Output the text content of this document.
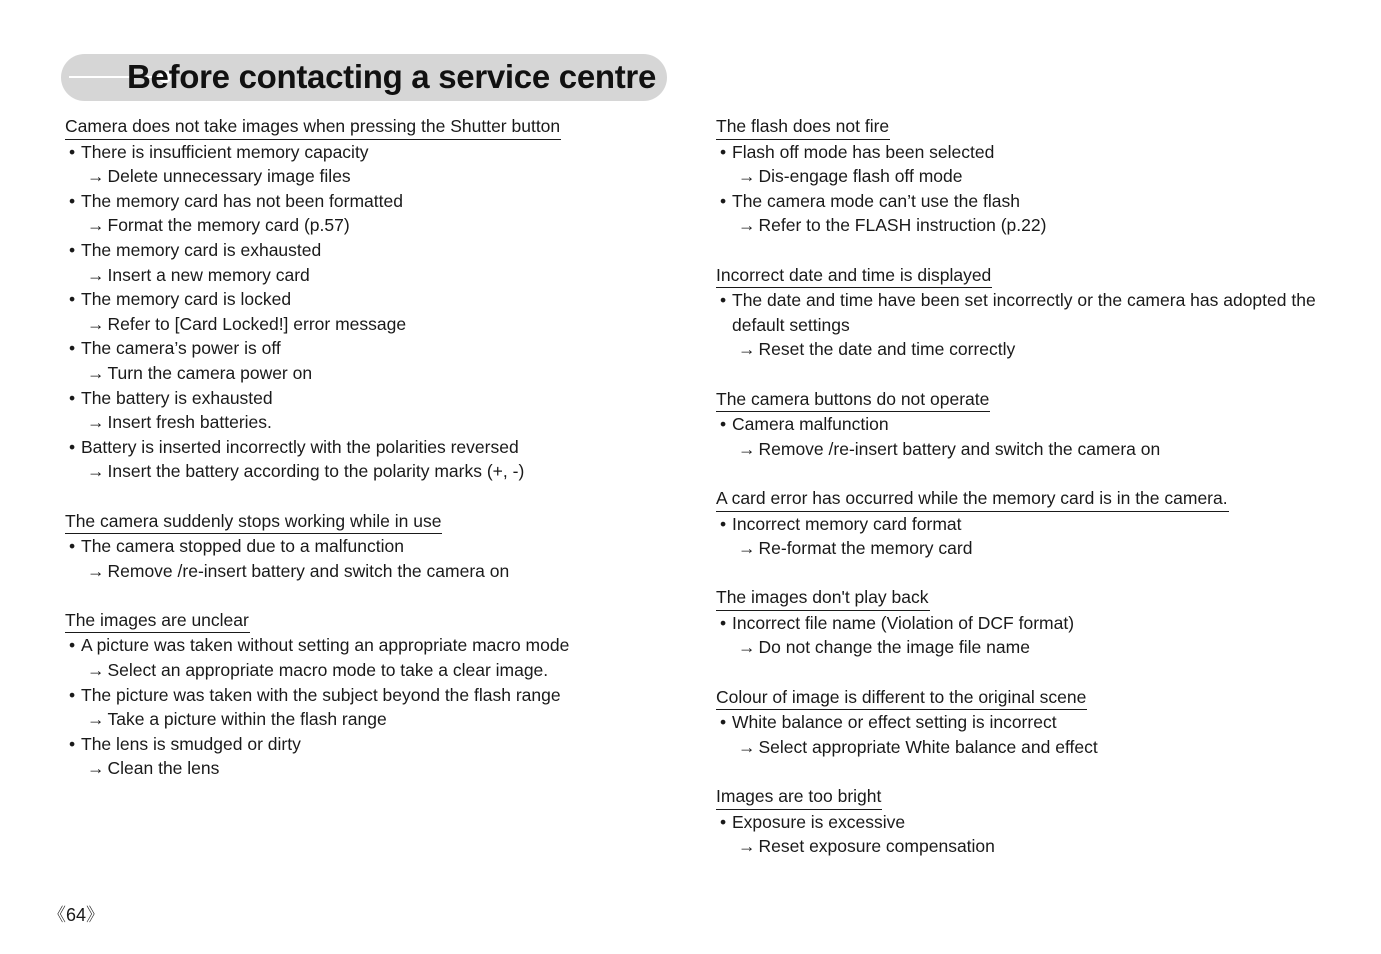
Before contacting a service centre
Camera does not take images when pressing the Shutter button
• There is insufficient memory capacity
→ Delete unnecessary image files
• The memory card has not been formatted
→ Format the memory card (p.57)
• The memory card is exhausted
→ Insert a new memory card
• The memory card is locked
→ Refer to [Card Locked!] error message
• The camera’s power is off
→ Turn the camera power on
• The battery is exhausted
→ Insert fresh batteries.
• Battery is inserted incorrectly with the polarities reversed
→ Insert the battery according to the polarity marks (+, -)
The camera suddenly stops working while in use
• The camera stopped due to a malfunction
→ Remove /re-insert battery and switch the camera on
The images are unclear
• A picture was taken without setting an appropriate macro mode
→ Select an appropriate macro mode to take a clear image.
• The picture was taken with the subject beyond the flash range
→ Take a picture within the flash range
• The lens is smudged or dirty
→ Clean the lens
The flash does not fire
• Flash off mode has been selected
→ Dis-engage flash off mode
• The camera mode can’t use the flash
→ Refer to the FLASH instruction (p.22)
Incorrect date and time is displayed
• The date and time have been set incorrectly or the camera has adopted the default settings
→ Reset the date and time correctly
The camera buttons do not operate
• Camera malfunction
→ Remove /re-insert battery and switch the camera on
A card error has occurred while the memory card is in the camera.
• Incorrect memory card format
→ Re-format the memory card
The images don't play back
• Incorrect file name (Violation of DCF format)
→ Do not change the image file name
Colour of image is different to the original scene
• White balance or effect setting is incorrect
→ Select appropriate White balance and effect
Images are too bright
• Exposure is excessive
→ Reset exposure compensation
《64》
